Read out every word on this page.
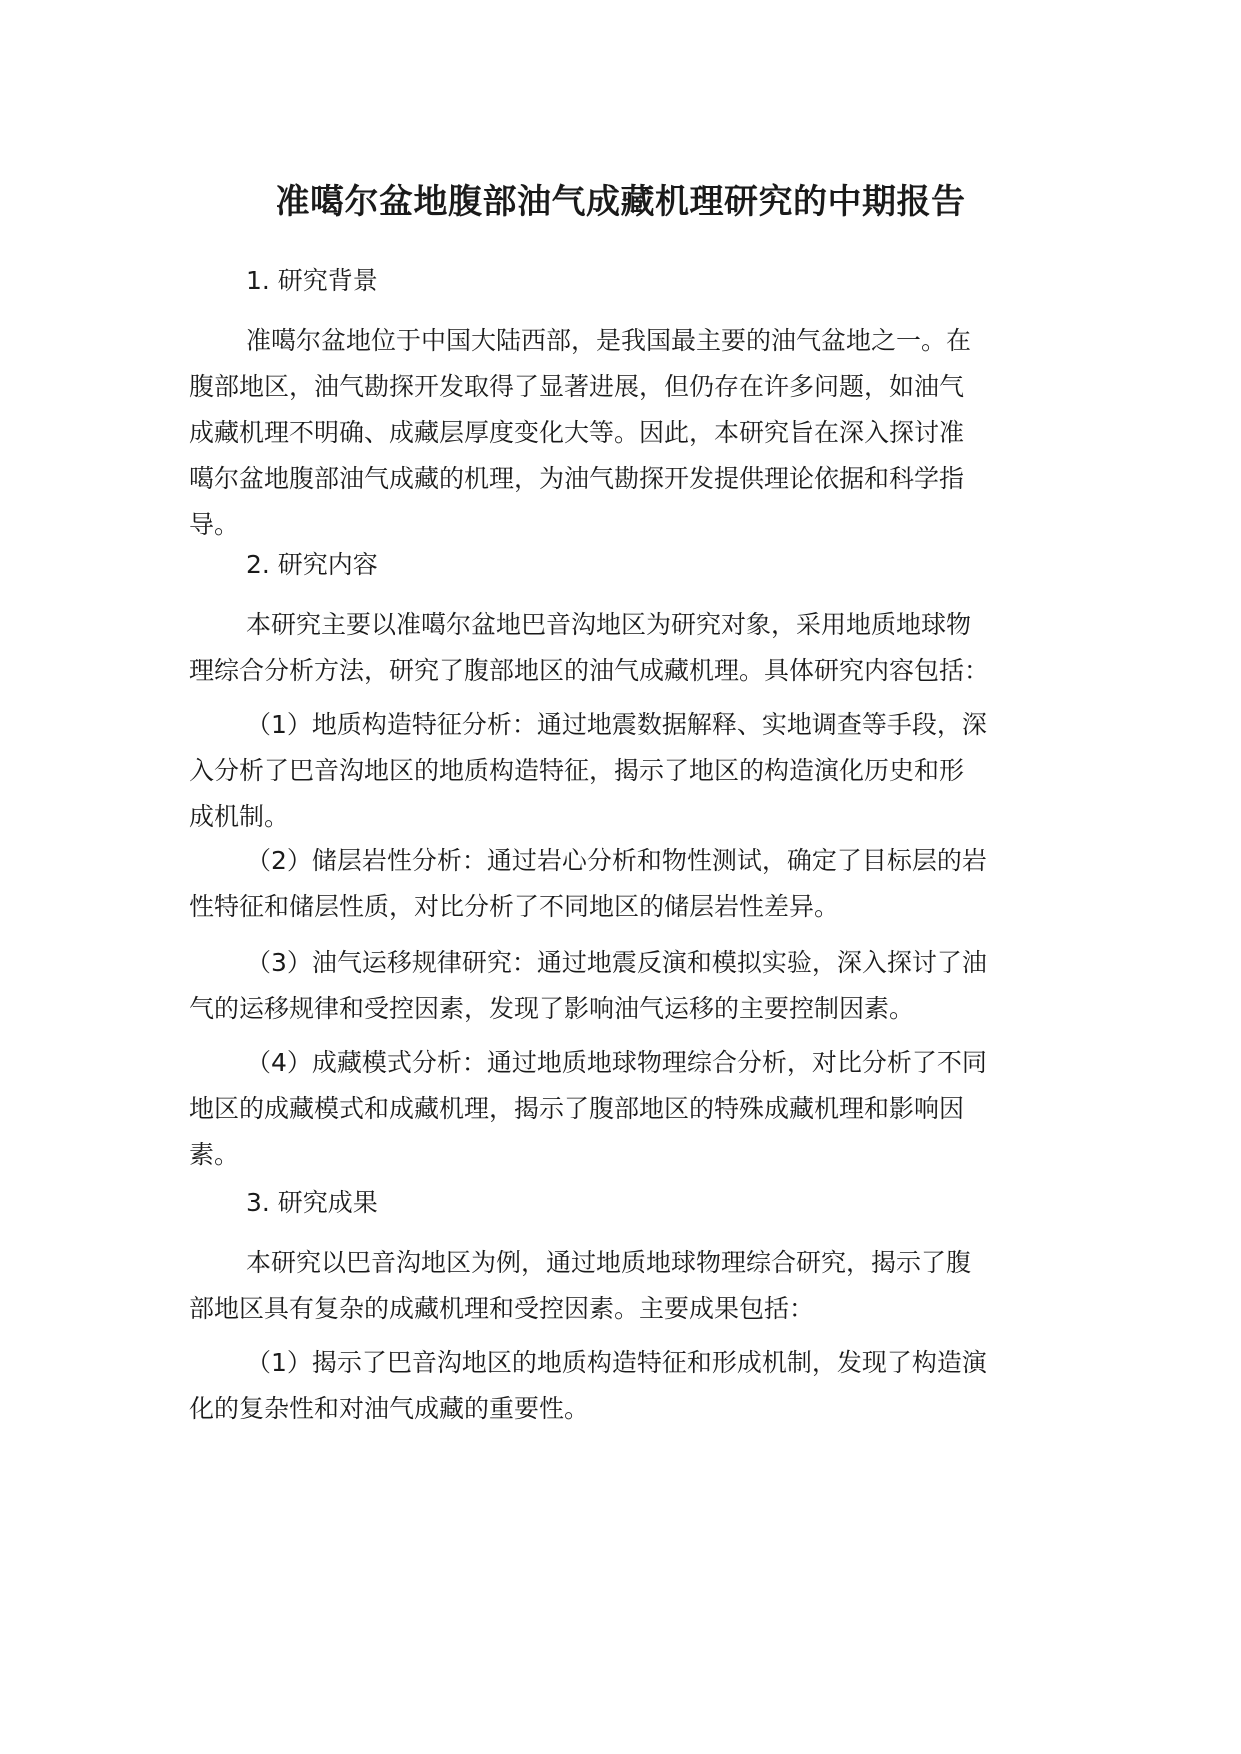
准噶尔盆地腹部油气成藏机理研究的中期报告
1. 研究背景

准噶尔盆地位于中国大陆西部，是我国最主要的油气盆地之一。在
腹部地区，油气勘探开发取得了显著进展，但仍存在许多问题，如油气
成藏机理不明确、成藏层厚度变化大等。因此，本研究旨在深入探讨准
噶尔盆地腹部油气成藏的机理，为油气勘探开发提供理论依据和科学指
导。

2. 研究内容

本研究主要以准噶尔盆地巴音沟地区为研究对象，采用地质地球物
理综合分析方法，研究了腹部地区的油气成藏机理。具体研究内容包括：

（1）地质构造特征分析：通过地震数据解释、实地调查等手段，深
入分析了巴音沟地区的地质构造特征，揭示了地区的构造演化历史和形
成机制。

（2）储层岩性分析：通过岩心分析和物性测试，确定了目标层的岩
性特征和储层性质，对比分析了不同地区的储层岩性差异。

（3）油气运移规律研究：通过地震反演和模拟实验，深入探讨了油
气的运移规律和受控因素，发现了影响油气运移的主要控制因素。

（4）成藏模式分析：通过地质地球物理综合分析，对比分析了不同
地区的成藏模式和成藏机理，揭示了腹部地区的特殊成藏机理和影响因
素。

3. 研究成果

本研究以巴音沟地区为例，通过地质地球物理综合研究，揭示了腹
部地区具有复杂的成藏机理和受控因素。主要成果包括：

（1）揭示了巴音沟地区的地质构造特征和形成机制，发现了构造演
化的复杂性和对油气成藏的重要性。
